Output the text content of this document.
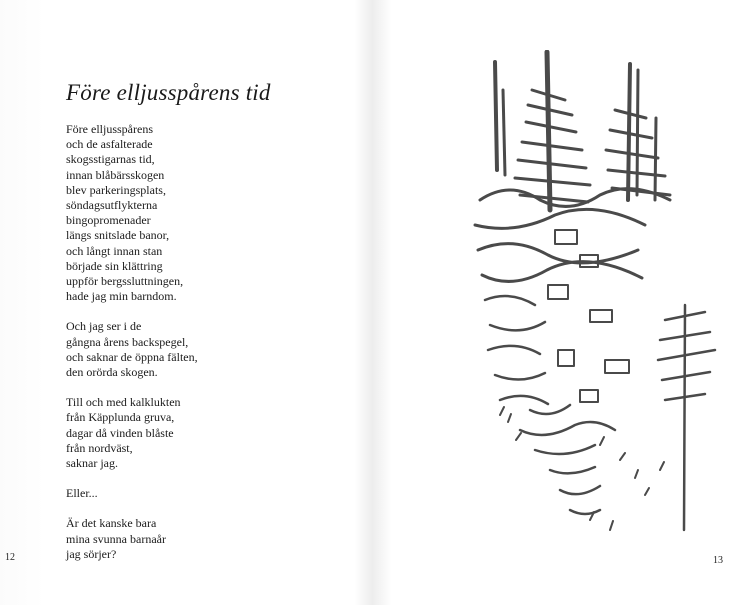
Före elljusspårens tid
Före elljusspårens
och de asfalterade
skogsstigarnas tid,
innan blåbärsskogen
blev parkeringsplats,
söndagsutflykterna
bingopromenader
längs snitslade banor,
och långt innan stan
började sin klättring
uppför bergssluttningen,
hade jag min barndom.
Och jag ser i de
gångna årens backspegel,
och saknar de öppna fälten,
den orörda skogen.
Till och med kalklukten
från Käpplunda gruva,
dagar då vinden blåste
från nordväst,
saknar jag.
Eller...
Är det kanske bara
mina svunna barnaår
jag sörjer?
12	13
